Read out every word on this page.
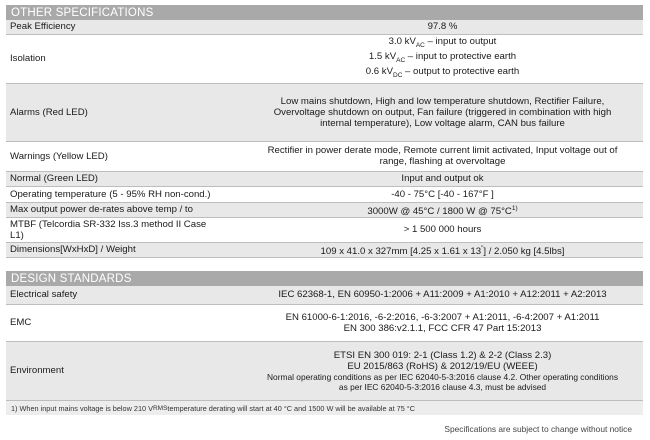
OTHER SPECIFICATIONS
Peak Efficiency	97.8 %
Isolation	3.0 $kV_{AC}$ – input to output
1.5 $kV_{AC}$ – input to protective earth
0.6 $kV_{DC}$ – output to protective earth

Alarms (Red LED)	Low mains shutdown, High and low temperature shutdown, Rectifier Failure,
Overvoltage shutdown on output, Fan failure (triggered in combination with high
internal temperature), Low voltage alarm, CAN bus failure

Warnings (Yellow LED)	Rectifier in power derate mode, Remote current limit activated, Input voltage out of
range, flashing at overvoltage

Normal (Green LED)	Input and output ok
Operating temperature (5 - 95% RH non-cond.)	-40 - 75°C [-40 - 167°F ]
Max output power de-rates above temp / to	3000W @ 45°C / 1800 W @ $75^\circ C^{1)}$

MTBF (Telcordia SR-332 Iss.3 method II Case
L1)	> 1 500 000 hours
Dimensions[WxHxD] / Weight	109 x 41.0 x 327mm [4.25 x 1.61 x 13"] / 2.050 kg [4.5lbs]
DESIGN STANDARDS
Electrical safety	IEC 62368-1, EN 60950-1:2006 + A11:2009 + A1:2010 + A12:2011 + A2:2013
EMC	EN 61000-6-1:2016, -6-2:2016, -6-3:2007 + A1:2011, -6-4:2007 + A1:2011
EN 300 386:v2.1.1, FCC CFR 47 Part 15:2013

Environment	ETSI EN 300 019: 2-1 (Class 1.2) & 2-2 (Class 2.3)
EU 2015/863 (RoHS) & 2012/19/EU (WEEE)
Normal operating conditions as per IEC 62040-5-3:2016 clause 4.2. Other operating conditions
as per IEC 62040-5-3:2016 clause 4.3, must be advised
1) When input mains voltage is below 210 V RMS temperature derating will start at 40 °C and 1500 W will be available at 75 °C
Specifications are subject to change without notice
